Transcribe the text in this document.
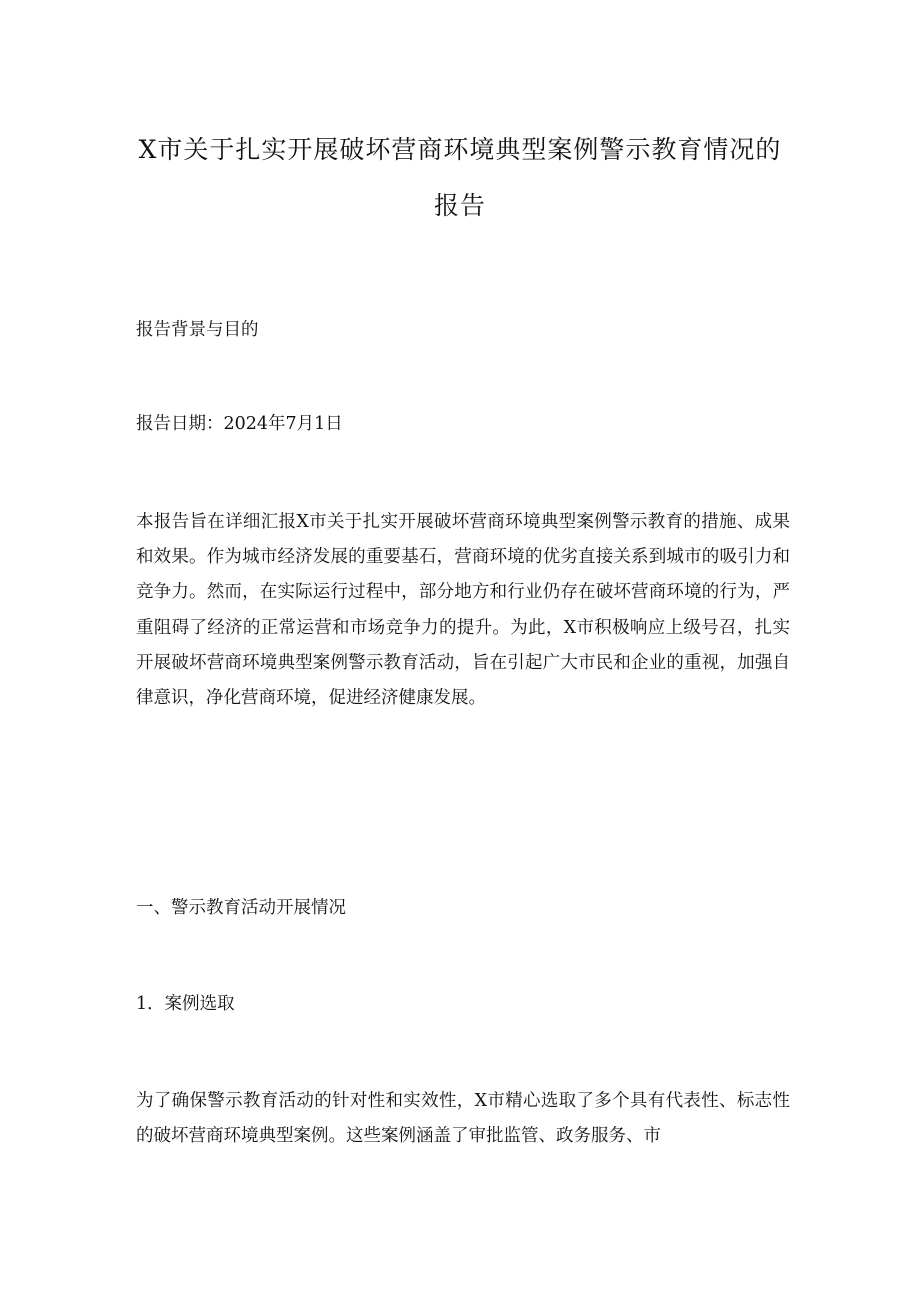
X市关于扎实开展破坏营商环境典型案例警示教育情况的报告

报告背景与目的

报告日期：2024年7月1日

本报告旨在详细汇报X市关于扎实开展破坏营商环境典型案例警示教育的措施、成果和效果。作为城市经济发展的重要基石，营商环境的优劣直接关系到城市的吸引力和竞争力。然而，在实际运行过程中，部分地方和行业仍存在破坏营商环境的行为，严重阻碍了经济的正常运营和市场竞争力的提升。为此，X市积极响应上级号召，扎实开展破坏营商环境典型案例警示教育活动，旨在引起广大市民和企业的重视，加强自律意识，净化营商环境，促进经济健康发展。

一、警示教育活动开展情况

1．案例选取

为了确保警示教育活动的针对性和实效性，X市精心选取了多个具有代表性、标志性的破坏营商环境典型案例。这些案例涵盖了审批监管、政务服务、市
